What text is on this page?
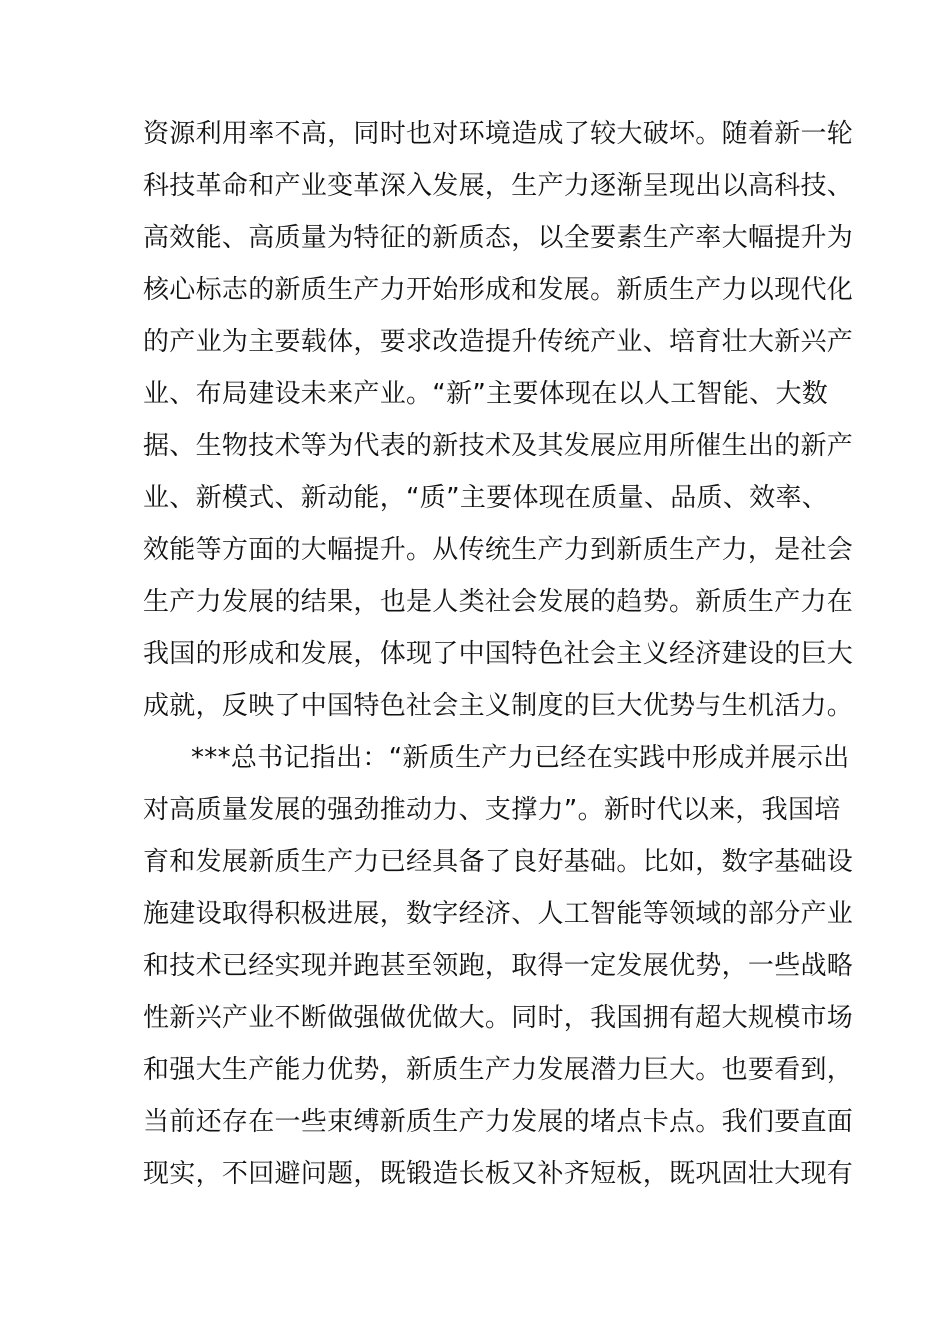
资源利用率不高，同时也对环境造成了较大破坏。随着新一轮
科技革命和产业变革深入发展，生产力逐渐呈现出以高科技、
高效能、高质量为特征的新质态，以全要素生产率大幅提升为
核心标志的新质生产力开始形成和发展。新质生产力以现代化
的产业为主要载体，要求改造提升传统产业、培育壮大新兴产
业、布局建设未来产业。“新”主要体现在以人工智能、大数
据、生物技术等为代表的新技术及其发展应用所催生出的新产
业、新模式、新动能，“质”主要体现在质量、品质、效率、
效能等方面的大幅提升。从传统生产力到新质生产力，是社会
生产力发展的结果，也是人类社会发展的趋势。新质生产力在
我国的形成和发展，体现了中国特色社会主义经济建设的巨大
成就，反映了中国特色社会主义制度的巨大优势与生机活力。
***总书记指出：“新质生产力已经在实践中形成并展示出
对高质量发展的强劲推动力、支撑力”。新时代以来，我国培
育和发展新质生产力已经具备了良好基础。比如，数字基础设
施建设取得积极进展，数字经济、人工智能等领域的部分产业
和技术已经实现并跑甚至领跑，取得一定发展优势，一些战略
性新兴产业不断做强做优做大。同时，我国拥有超大规模市场
和强大生产能力优势，新质生产力发展潜力巨大。也要看到，
当前还存在一些束缚新质生产力发展的堵点卡点。我们要直面
现实，不回避问题，既锻造长板又补齐短板，既巩固壮大现有
